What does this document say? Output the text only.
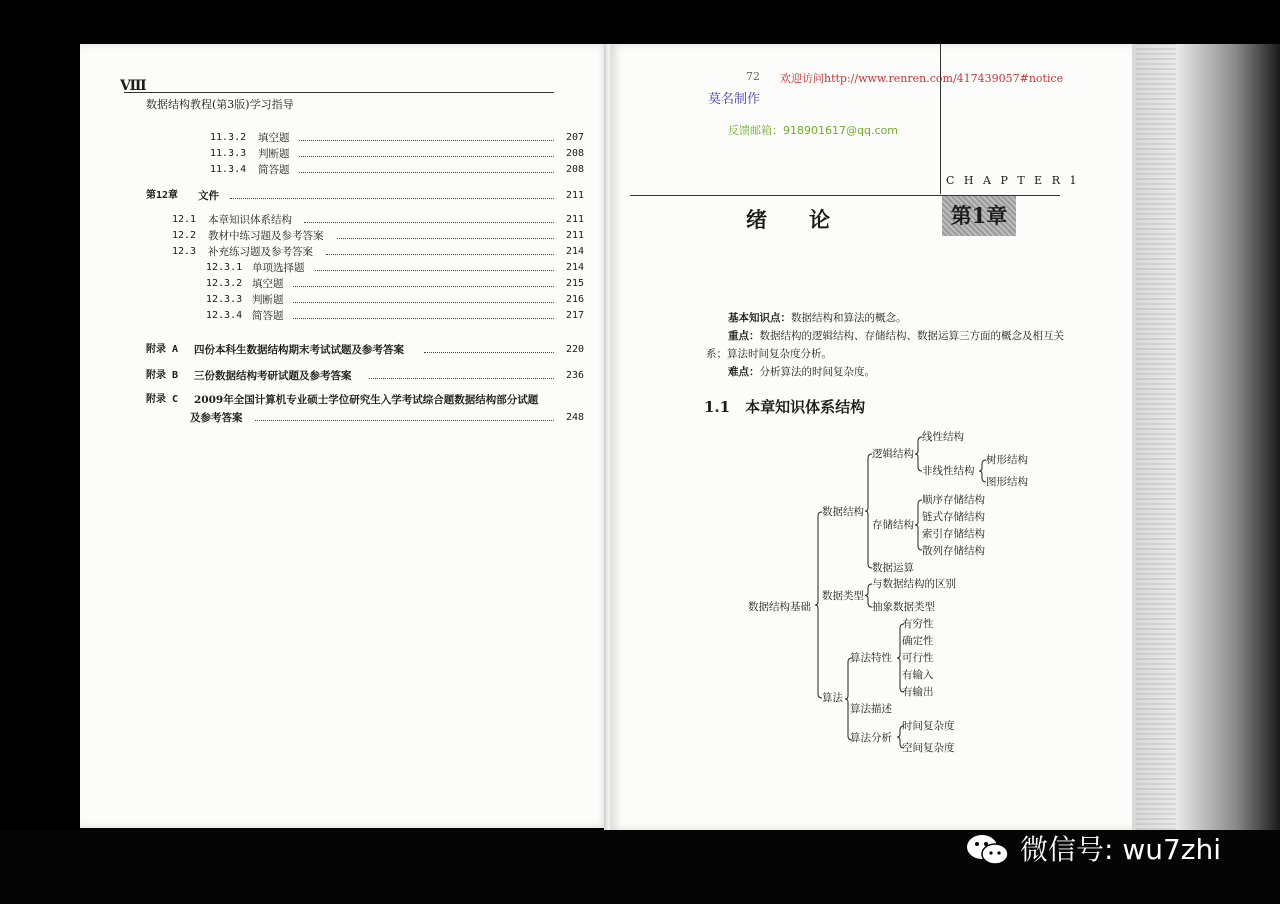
Ⅷ
数据结构教程(第3版)学习指导
11.3.2 填空题	207
11.3.3 判断题	208
11.3.4 简答题	208
第12章 文件	211
12.1 本章知识体系结构	211
12.2 教材中练习题及参考答案	211
12.3 补充练习题及参考答案	214
12.3.1 单项选择题	214
12.3.2 填空题	215
12.3.3 判断题	216
12.3.4 简答题	217
附录 A 四份本科生数据结构期末考试试题及参考答案	220
附录 B 三份数据结构考研试题及参考答案	236
附录 C 2009年全国计算机专业硕士学位研究生入学考试综合题数据结构部分试题
及参考答案	248
72 欢迎访问http://www.renren.com/417439057#notice
莫名制作
反馈邮箱：918901617@qq.com
C H A P T E R 1
绪　　论	第1章
基本知识点：数据结构和算法的概念。
重点：数据结构的逻辑结构、存储结构、数据运算三方面的概念及相互关
系；算法时间复杂度分析。
难点：分析算法的时间复杂度。
1.1　本章知识体系结构
数据结构基础
数据结构
数据类型
算法
逻辑结构
线性结构
非线性结构
树形结构
图形结构
存储结构
顺序存储结构
链式存储结构
索引存储结构
散列存储结构
数据运算
与数据结构的区别
抽象数据类型
算法特性
有穷性
确定性
可行性
有输入
有输出
算法描述
算法分析
时间复杂度
空间复杂度
微信号: wu7zhi
